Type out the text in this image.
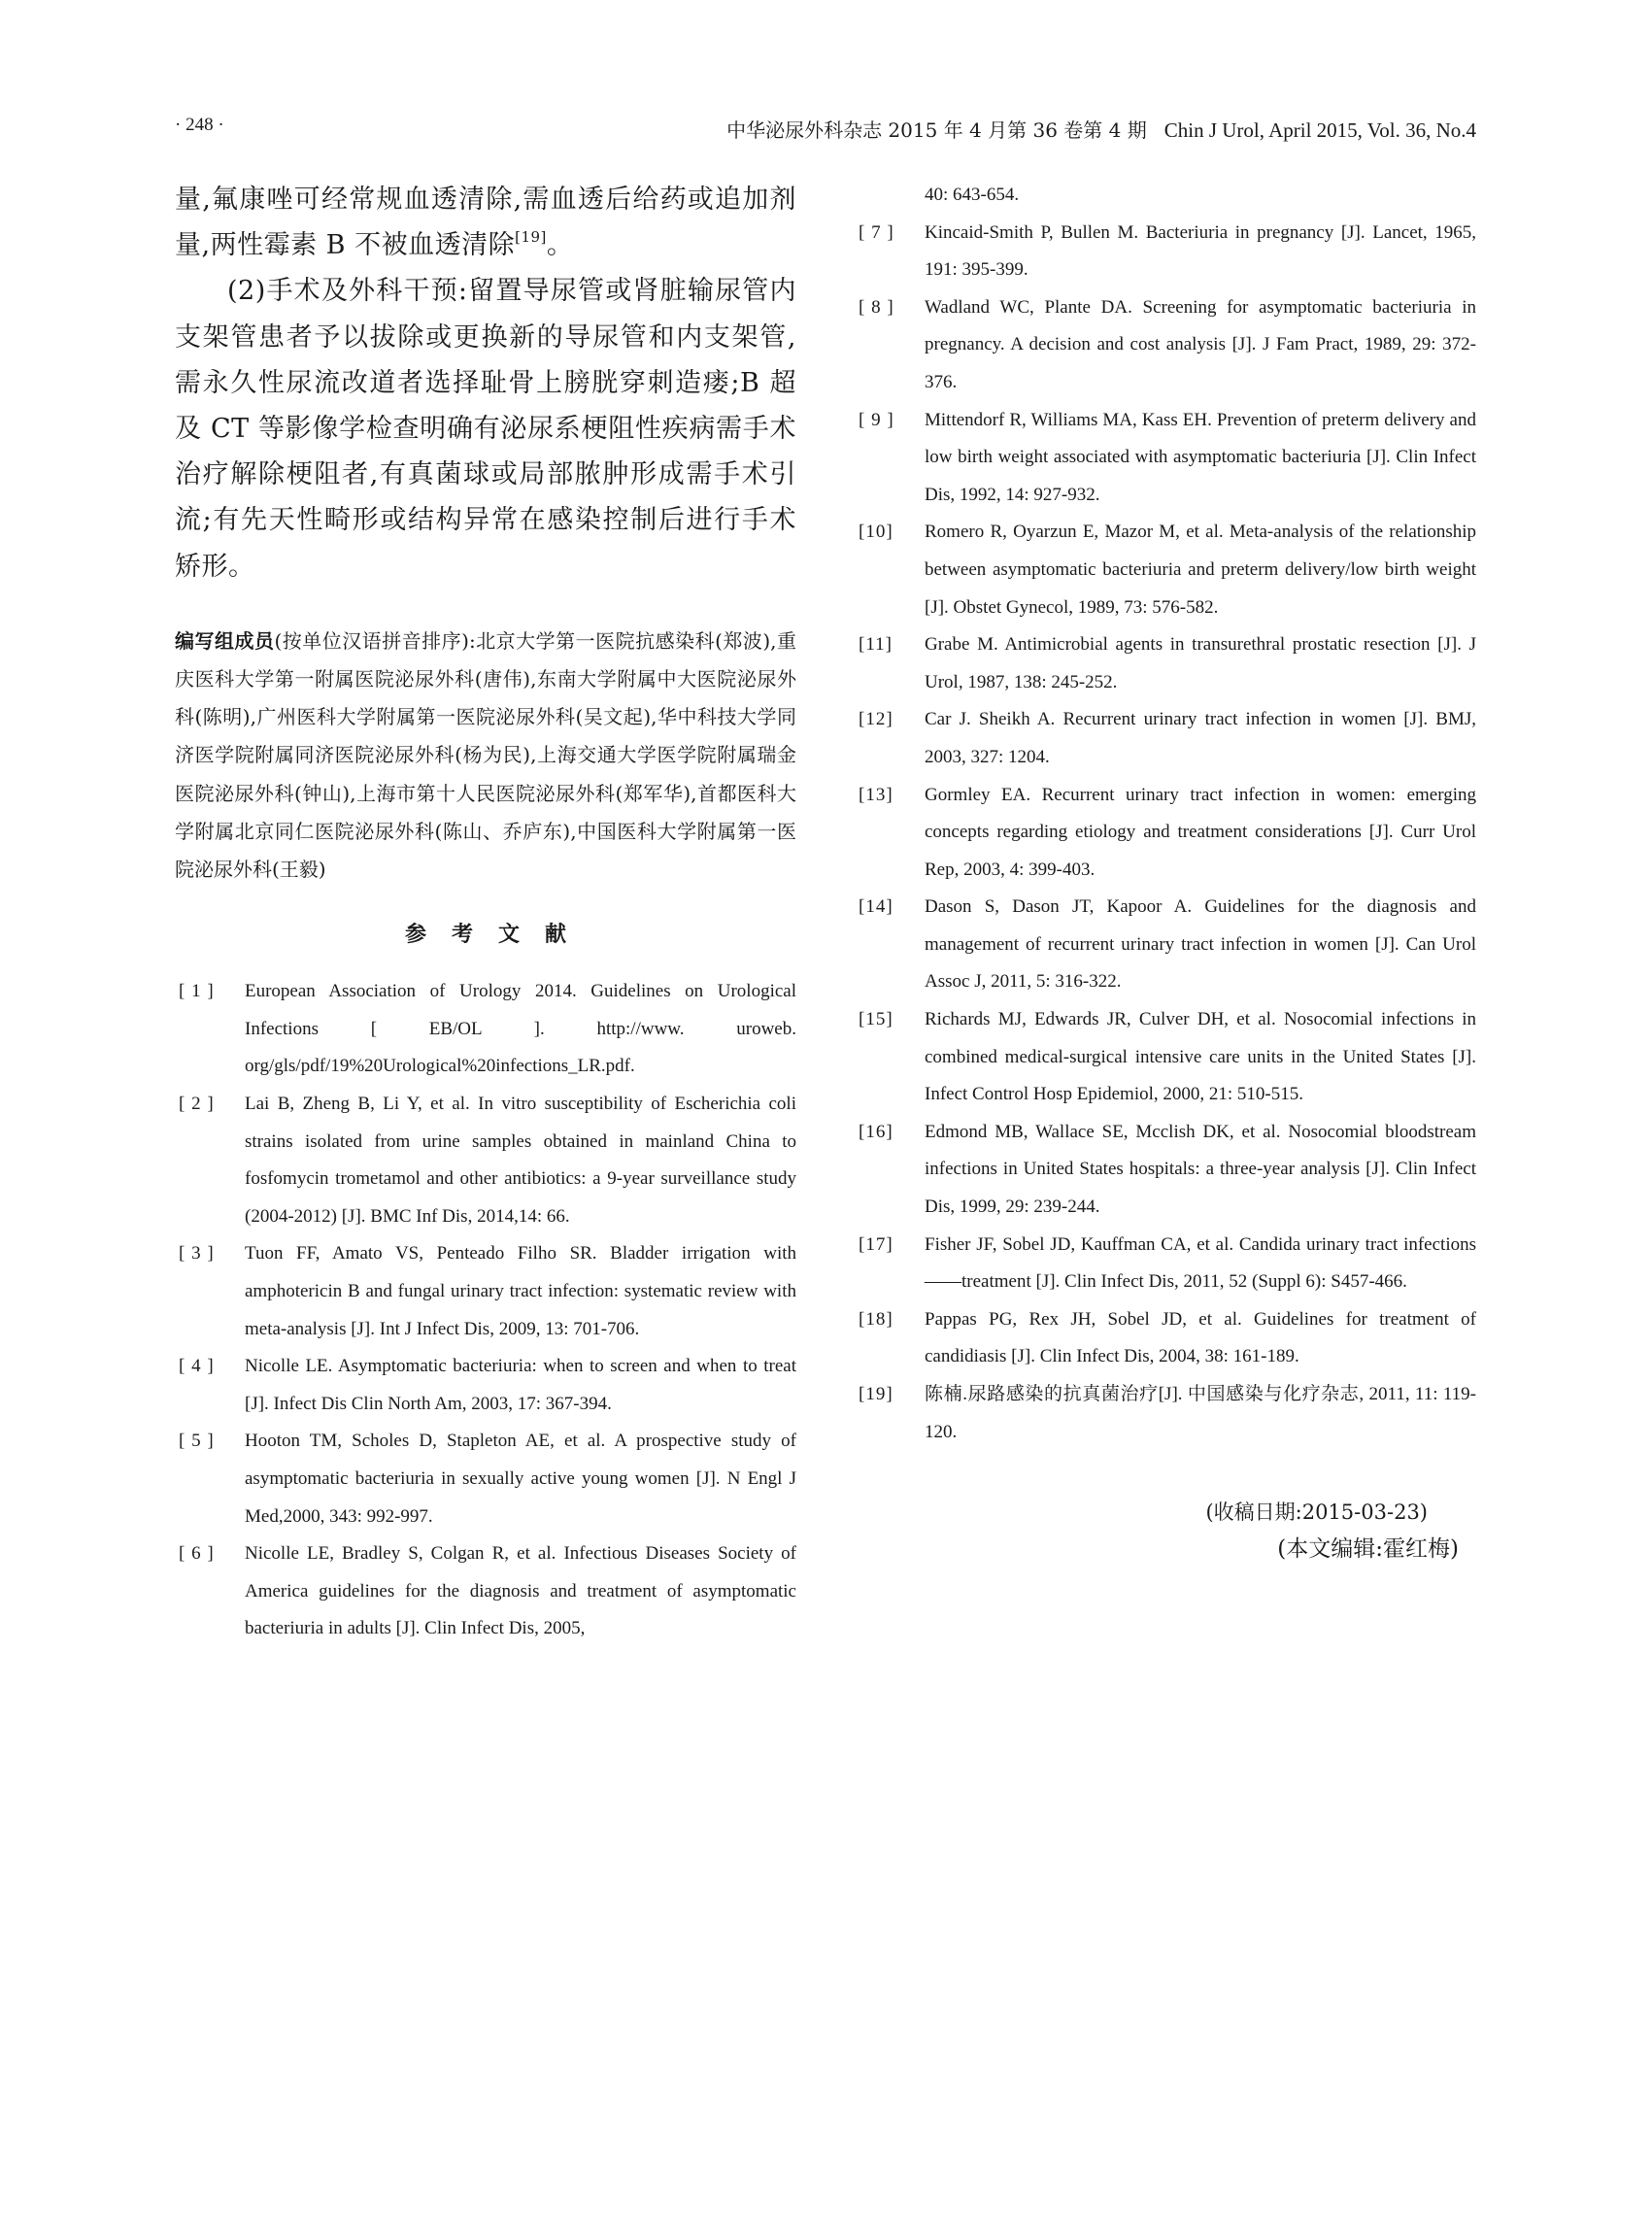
· 248 ·	中华泌尿外科杂志 2015 年 4 月第 36 卷第 4 期 Chin J Urol, April 2015, Vol. 36, No.4

量,氟康唑可经常规血透清除,需血透后给药或追加剂量,两性霉素 B 不被血透清除[19]。

(2)手术及外科干预:留置导尿管或肾脏输尿管内支架管患者予以拔除或更换新的导尿管和内支架管,需永久性尿流改道者选择耻骨上膀胱穿刺造瘘;B 超及 CT 等影像学检查明确有泌尿系梗阻性疾病需手术治疗解除梗阻者,有真菌球或局部脓肿形成需手术引流;有先天性畸形或结构异常在感染控制后进行手术矫形。

编写组成员(按单位汉语拼音排序):北京大学第一医院抗感染科(郑波),重庆医科大学第一附属医院泌尿外科(唐伟),东南大学附属中大医院泌尿外科(陈明),广州医科大学附属第一医院泌尿外科(吴文起),华中科技大学同济医学院附属同济医院泌尿外科(杨为民),上海交通大学医学院附属瑞金医院泌尿外科(钟山),上海市第十人民医院泌尿外科(郑军华),首都医科大学附属北京同仁医院泌尿外科(陈山、乔庐东),中国医科大学附属第一医院泌尿外科(王毅)
参考文献
[ 1 ] European Association of Urology 2014. Guidelines on Urological Infections [ EB/OL ]. http://www. uroweb. org/gls/pdf/19%20Urological%20infections_LR.pdf.

[ 2 ] Lai B, Zheng B, Li Y, et al. In vitro susceptibility of Escherichia coli strains isolated from urine samples obtained in mainland China to fosfomycin trometamol and other antibiotics: a 9-year surveillance study (2004-2012) [J]. BMC Inf Dis, 2014,14: 66.

[ 3 ] Tuon FF, Amato VS, Penteado Filho SR. Bladder irrigation with amphotericin B and fungal urinary tract infection: systematic review with meta-analysis [J]. Int J Infect Dis, 2009, 13: 701-706.

[ 4 ] Nicolle LE. Asymptomatic bacteriuria: when to screen and when to treat [J]. Infect Dis Clin North Am, 2003, 17: 367-394.

[ 5 ] Hooton TM, Scholes D, Stapleton AE, et al. A prospective study of asymptomatic bacteriuria in sexually active young women [J]. N Engl J Med,2000, 343: 992-997.

[ 6 ] Nicolle LE, Bradley S, Colgan R, et al. Infectious Diseases Society of America guidelines for the diagnosis and treatment of asymptomatic bacteriuria in adults [J]. Clin Infect Dis, 2005,

40: 643-654.
[ 7 ] Kincaid-Smith P, Bullen M. Bacteriuria in pregnancy [J]. Lancet, 1965, 191: 395-399.

[ 8 ] Wadland WC, Plante DA. Screening for asymptomatic bacteriuria in pregnancy. A decision and cost analysis [J]. J Fam Pract, 1989, 29: 372-376.

[ 9 ] Mittendorf R, Williams MA, Kass EH. Prevention of preterm delivery and low birth weight associated with asymptomatic bacteriuria [J]. Clin Infect Dis, 1992, 14: 927-932.

[10] Romero R, Oyarzun E, Mazor M, et al. Meta-analysis of the relationship between asymptomatic bacteriuria and preterm delivery/low birth weight [J]. Obstet Gynecol, 1989, 73: 576-582.

[11] Grabe M. Antimicrobial agents in transurethral prostatic resection [J]. J Urol, 1987, 138: 245-252.

[12] Car J. Sheikh A. Recurrent urinary tract infection in women [J]. BMJ, 2003, 327: 1204.

[13] Gormley EA. Recurrent urinary tract infection in women: emerging concepts regarding etiology and treatment considerations [J]. Curr Urol Rep, 2003, 4: 399-403.

[14] Dason S, Dason JT, Kapoor A. Guidelines for the diagnosis and management of recurrent urinary tract infection in women [J]. Can Urol Assoc J, 2011, 5: 316-322.

[15] Richards MJ, Edwards JR, Culver DH, et al. Nosocomial infections in combined medical-surgical intensive care units in the United States [J]. Infect Control Hosp Epidemiol, 2000, 21: 510-515.

[16] Edmond MB, Wallace SE, Mcclish DK, et al. Nosocomial bloodstream infections in United States hospitals: a three-year analysis [J]. Clin Infect Dis, 1999, 29: 239-244.

[17] Fisher JF, Sobel JD, Kauffman CA, et al. Candida urinary tract infections——treatment [J]. Clin Infect Dis, 2011, 52 (Suppl 6): S457-466.

[18] Pappas PG, Rex JH, Sobel JD, et al. Guidelines for treatment of candidiasis [J]. Clin Infect Dis, 2004, 38: 161-189.

[19] 陈楠.尿路感染的抗真菌治疗[J]. 中国感染与化疗杂志, 2011, 11: 119-120.

(收稿日期:2015-03-23)
(本文编辑:霍红梅)
